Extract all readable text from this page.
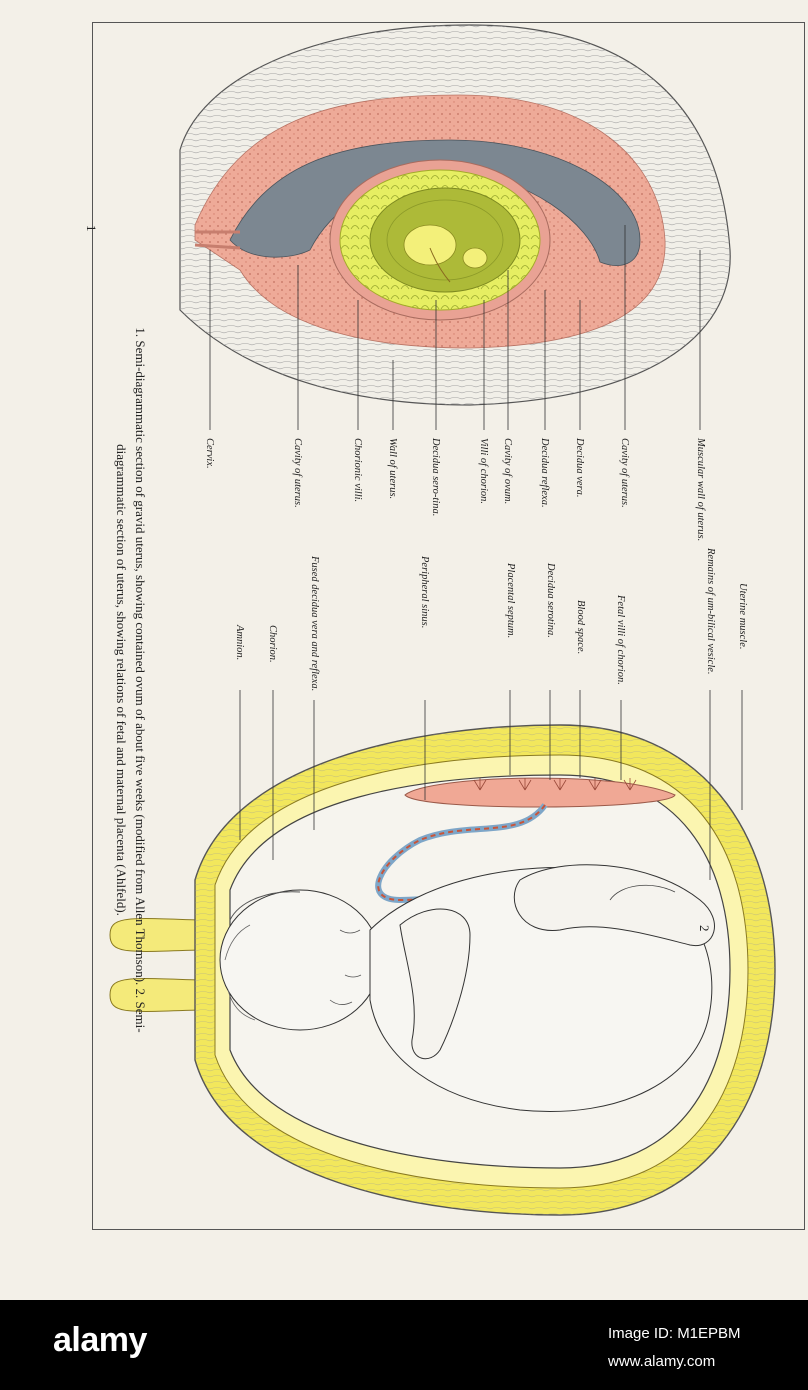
Muscular wall of uterus.
Cavity of uterus.
Decidua vera.
Decidua reflexa.
Cavity of ovum.
Villi of chorion.
Decidua sero-tina.
Wall of uterus.
Chorionic villi.
Cavity of uterus.
Cervix.
1
Uterine muscle.
Remains of um-bilical vesicle.
Fetal villi of chorion.
Blood space.
Decidua serotina.
Placental septum.
Peripheral sinus.
Fused decidua vera and reflexa.
Chorion.
Amnion.
2

1. Semi-diagrammatic section of gravid uterus, showing contained ovum of about five weeks (modified from Allen Thomson). 2. Semi-

diagrammatic section of uterus, showing relations of fetal and maternal placenta (Ahlfeld).

alamy	Image ID: M1EPBM
www.alamy.com
